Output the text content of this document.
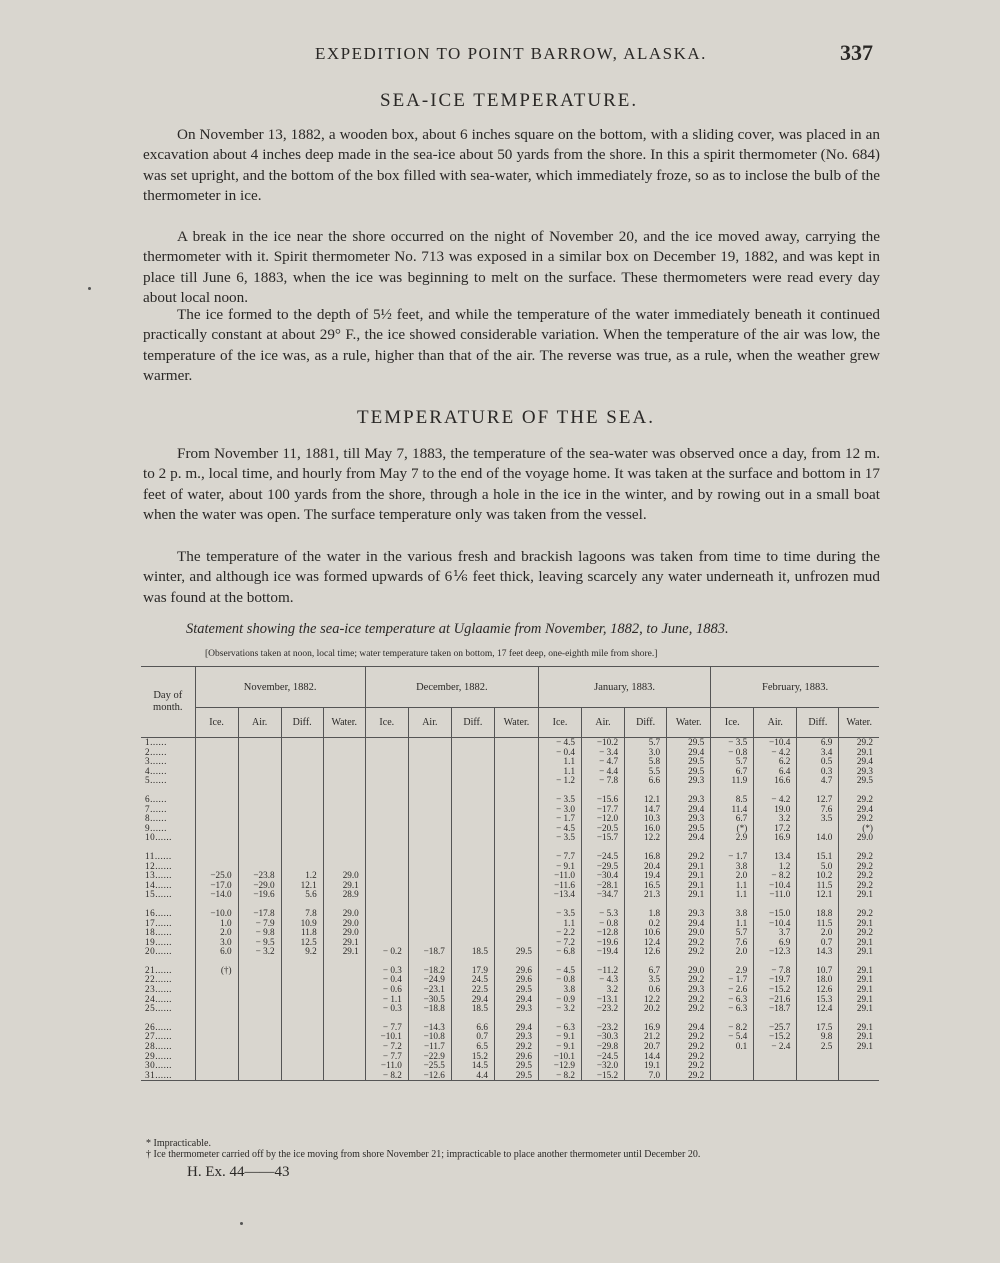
EXPEDITION TO POINT BARROW, ALASKA.	337
SEA-ICE TEMPERATURE.

On November 13, 1882, a wooden box, about 6 inches square on the bottom, with a sliding cover, was placed in an excavation about 4 inches deep made in the sea-ice about 50 yards from the shore. In this a spirit thermometer (No. 684) was set upright, and the bottom of the box filled with sea-water, which immediately froze, so as to inclose the bulb of the thermometer in ice.

A break in the ice near the shore occurred on the night of November 20, and the ice moved away, carrying the thermometer with it. Spirit thermometer No. 713 was exposed in a similar box on December 19, 1882, and was kept in place till June 6, 1883, when the ice was beginning to melt on the surface. These thermometers were read every day about local noon.

The ice formed to the depth of 5½ feet, and while the temperature of the water immediately beneath it continued practically constant at about 29° F., the ice showed considerable variation. When the temperature of the air was low, the temperature of the ice was, as a rule, higher than that of the air. The reverse was true, as a rule, when the weather grew warmer.

TEMPERATURE OF THE SEA.

From November 11, 1881, till May 7, 1883, the temperature of the sea-water was observed once a day, from 12 m. to 2 p. m., local time, and hourly from May 7 to the end of the voyage home. It was taken at the surface and bottom in 17 feet of water, about 100 yards from the shore, through a hole in the ice in the winter, and by rowing out in a small boat when the water was open. The surface temperature only was taken from the vessel.

The temperature of the water in the various fresh and brackish lagoons was taken from time to time during the winter, and although ice was formed upwards of 6⅙ feet thick, leaving scarcely any water underneath it, unfrozen mud was found at the bottom.

Statement showing the sea-ice temperature at Uglaamie from November, 1882, to June, 1883.
[Observations taken at noon, local time; water temperature taken on bottom, 17 feet deep, one-eighth mile from shore.]
Day of month.	November, 1882.				December, 1882.				January, 1883.				February, 1883.			
	Ice.	Air.	Diff.	Water.	Ice.	Air.	Diff.	Water.	Ice.	Air.	Diff.	Water.	Ice.	Air.	Diff.	Water.
1......									− 4.5	−10.2	5.7	29.5	− 3.5	−10.4	6.9	29.2
2......									− 0.4	− 3.4	3.0	29.4	− 0.8	− 4.2	3.4	29.1
3......									1.1	− 4.7	5.8	29.5	5.7	6.2	0.5	29.4
4......									1.1	− 4.4	5.5	29.5	6.7	6.4	0.3	29.3
5......									− 1.2	− 7.8	6.6	29.3	11.9	16.6	4.7	29.5

6......									− 3.5	−15.6	12.1	29.3	8.5	− 4.2	12.7	29.2
7......									− 3.0	−17.7	14.7	29.4	11.4	19.0	7.6	29.4
8......									− 1.7	−12.0	10.3	29.3	6.7	3.2	3.5	29.2
9......									− 4.5	−20.5	16.0	29.5	(*)	17.2		(*)
10......									− 3.5	−15.7	12.2	29.4	2.9	16.9	14.0	29.0

11......									− 7.7	−24.5	16.8	29.2	− 1.7	13.4	15.1	29.2
12......									− 9.1	−29.5	20.4	29.1	3.8	1.2	5.0	29.2
13......	−25.0	−23.8	1.2	29.0					−11.0	−30.4	19.4	29.1	2.0	− 8.2	10.2	29.2
14......	−17.0	−29.0	12.1	29.1					−11.6	−28.1	16.5	29.1	1.1	−10.4	11.5	29.2
15......	−14.0	−19.6	5.6	28.9					−13.4	−34.7	21.3	29.1	1.1	−11.0	12.1	29.1

16......	−10.0	−17.8	7.8	29.0					− 3.5	− 5.3	1.8	29.3	3.8	−15.0	18.8	29.2
17......	1.0	− 7.9	10.9	29.0					1.1	− 0.8	0.2	29.4	1.1	−10.4	11.5	29.1
18......	2.0	− 9.8	11.8	29.0					− 2.2	−12.8	10.6	29.0	5.7	3.7	2.0	29.2
19......	3.0	− 9.5	12.5	29.1					− 7.2	−19.6	12.4	29.2	7.6	6.9	0.7	29.1
20......	6.0	− 3.2	9.2	29.1	− 0.2	−18.7	18.5	29.5	− 6.8	−19.4	12.6	29.2	2.0	−12.3	14.3	29.1

21......	(†)				− 0.3	−18.2	17.9	29.6	− 4.5	−11.2	6.7	29.0	2.9	− 7.8	10.7	29.1
22......					− 0.4	−24.9	24.5	29.6	− 0.8	− 4.3	3.5	29.2	− 1.7	−19.7	18.0	29.1
23......					− 0.6	−23.1	22.5	29.5	3.8	3.2	0.6	29.3	− 2.6	−15.2	12.6	29.1
24......					− 1.1	−30.5	29.4	29.4	− 0.9	−13.1	12.2	29.2	− 6.3	−21.6	15.3	29.1
25......					− 0.3	−18.8	18.5	29.3	− 3.2	−23.2	20.2	29.2	− 6.3	−18.7	12.4	29.1

26......					− 7.7	−14.3	6.6	29.4	− 6.3	−23.2	16.9	29.4	− 8.2	−25.7	17.5	29.1
27......					−10.1	−10.8	0.7	29.3	− 9.1	−30.3	21.2	29.2	− 5.4	−15.2	9.8	29.1
28......					− 7.2	−11.7	6.5	29.2	− 9.1	−29.8	20.7	29.2	0.1	− 2.4	2.5	29.1
29......					− 7.7	−22.9	15.2	29.6	−10.1	−24.5	14.4	29.2				
30......					−11.0	−25.5	14.5	29.5	−12.9	−32.0	19.1	29.2				
31......					− 8.2	−12.6	4.4	29.5	− 8.2	−15.2	7.0	29.2				
* Impracticable.
† Ice thermometer carried off by the ice moving from shore November 21; impracticable to place another thermometer until December 20.
H. Ex. 44——43
